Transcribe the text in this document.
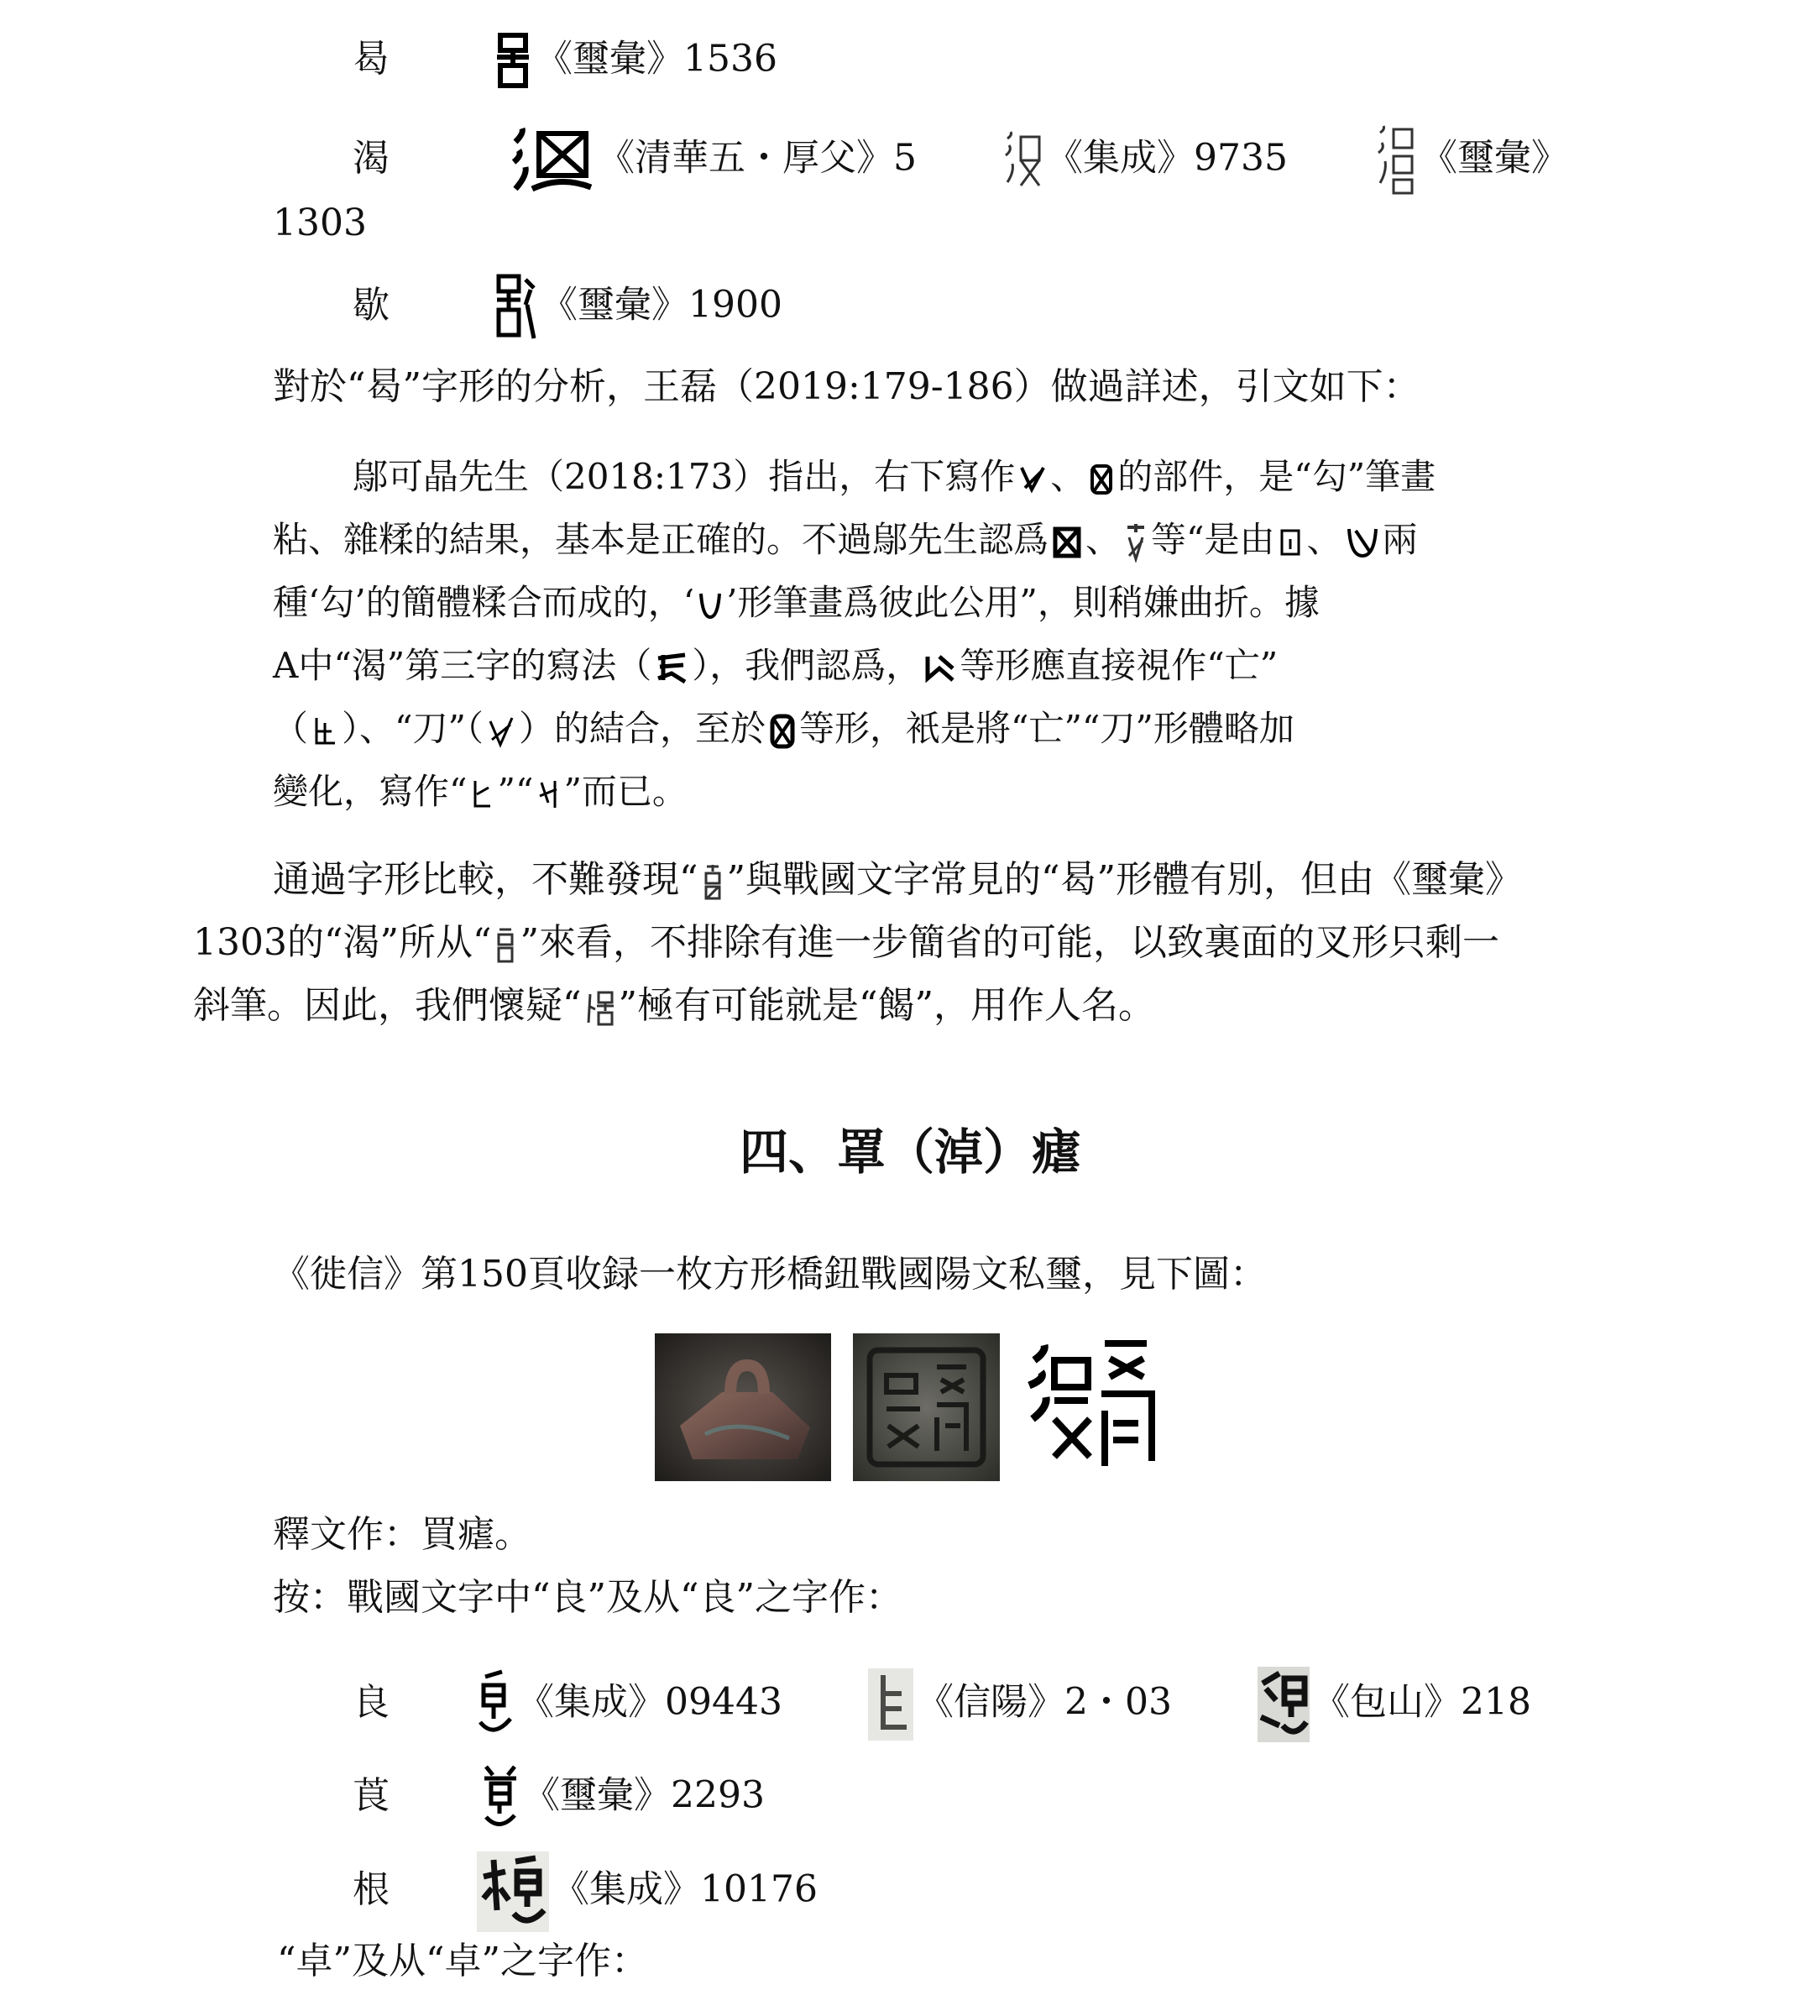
曷	《璽彙》1536
渴	《清華五・厚父》5	《集成》9735	《璽彙》
1303
歇	《璽彙》1900
對於“曷”字形的分析，王磊（2019:179-186）做過詳述，引文如下：
鄔可晶先生（2018:173）指出，右下寫作 、 的部件，是“勾”筆畫
粘、雜糅的結果，基本是正確的。不過鄔先生認爲 、 等“是由 、 兩
種‘勾’的簡體糅合而成的，‘ ’形筆畫爲彼此公用”，則稍嫌曲折。據
A中“渴”第三字的寫法（ ），我們認爲， 等形應直接視作“亡”
（ ）、“刀”（ ）的結合，至於 等形，衹是將“亡”“刀”形體略加
變化，寫作“ ”“ ”而已。
通過字形比較，不難發現“ ”與戰國文字常見的“曷”形體有別，但由《璽彙》
1303的“渴”所从“ ”來看，不排除有進一步簡省的可能，以致裏面的叉形只剩一
斜筆。因此，我們懷疑“ ”極有可能就是“餲”，用作人名。
四、罩（淖）瘧
《徙信》第150頁收録一枚方形橋鈕戰國陽文私璽，見下圖：
釋文作：買瘧。
按：戰國文字中“良”及从“良”之字作：
良	《集成》09443	《信陽》2・03	《包山》218
莨	《璽彙》2293
根	《集成》10176
“卓”及从“卓”之字作：
